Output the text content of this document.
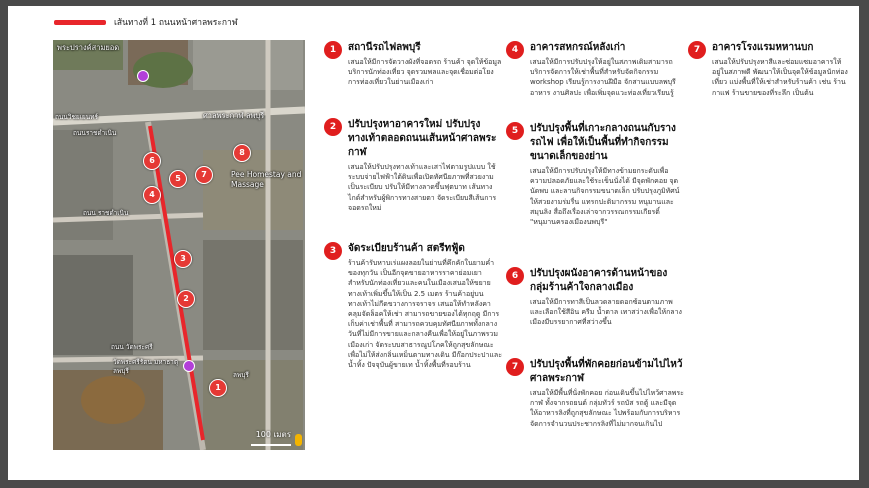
เส้นทางที่ 1 ถนนหน้าศาลพระกาฬ
พระปรางค์สามยอด
ถนนวิชยเยนทร์
ถนนราชดำเนิน
ศาลพระกาฬ ลพบุรี
Pee Homestay and Massage
ถนน ราชดำเนิน
ถนน วัดพระศรี
วัดพระศรีรัตน มหาธาตุ ลพบุรี	ลพบุรี
1
2
3
4
5
6
7
8
100 เมตร
1	สถานีรถไฟลพบุรี
เสนอให้มีการจัดวางผังที่จอดรถ ร้านค้า จุดให้ข้อมูลบริการนักท่องเที่ยว จุดรวมพลและจุดเชื่อมต่อโยงการท่องเที่ยวในย่านเมืองเก่า
2	ปรับปรุงหาอาคารใหม่ ปรับปรุงทางเท้าตลอดถนนเส้นหน้าศาลพระกาฬ
เสนอให้ปรับปรุงทางเท้าและเสาไฟตามรูปแบบ ใช้ระบบจ่ายไฟฟ้าใต้ดินเพื่อเปิดทัศนียภาพที่สวยงามเป็นระเบียบ ปรับให้มีทางลาดขึ้นฟุตบาท เส้นทางไกด์สำหรับผู้พิการทางสายตา จัดระเบียบสีเส้นการจอดรถใหม่
3	จัดระเบียบร้านค้า สตรีทฟู้ด
ร้านค้ารับหาบเร่แผงลอยในย่านที่คึกคักในยามค่ำของทุกวัน เป็นอีกจุดขายอาหารราคาย่อมเยาสำหรับนักท่องเที่ยวและคนในเมืองเสนอให้ขยายทางเท้าเพิ่มขึ้นให้เป็น 2.5 เมตร ร้านค้าอยู่บนทางเท้าไม่กีดขวางการจราจร เสนอให้ทำหลังคาคลุมจัดล็อคให้เช่า สามารถขายของได้ทุกฤดู มีการเก็บค่าเช่าพื้นที่ สามารถควบคุมทัศนียภาพทั้งกลางวันที่ไม่มีการขายและกลางคืนเพื่อให้อยู่ในภาพรวมเมืองเก่า จัดระบบสาธารณูปโภคให้ถูกสุขลักษณะ เพื่อไม่ให้ส่งกลิ่นเหม็นตามทางเดิน มีก๊อกประปาและน้ำทิ้ง ปัจจุบันผู้ขายเท น้ำทิ้งพื้นที่รอบร้าน
4	อาคารสหกรณ์หลังเก่า
เสนอให้มีการปรับปรุงให้อยู่ในสภาพเดิมสามารถบริการจัดการให้เช่าพื้นที่สำหรับจัดกิจกรรม workshop เรียนรู้การงานฝีมือ จักสานแบบลพบุรี อาหาร งานศิลปะ เพื่อเพิ่มจุดแวะท่องเที่ยวเรียนรู้
5	ปรับปรุงพื้นที่เกาะกลางถนนกับรางรถไฟ เพื่อให้เป็นพื้นที่ทำกิจกรรมขนาดเล็กของย่าน
เสนอให้มีการปรับปรุงให้มีทางข้ามยกระดับเพื่อความปลอดภัยและใช้ระเข็นนั่งได้ มีจุดพักคอย จุดนัดพบ และลานกิจกรรมขนาดเล็ก ปรับปรุงภูมิทัศน์ให้สวยงามร่มรื่น แทรกปะติมากรรม หนุมานและสมุนลิง สื่อถึงเรื่องเล่าจากวรรณกรรมเกียรติ์ "หนุมานครองเมืองนพบุรี"
6	ปรับปรุงผนังอาคารด้านหน้าของกลุ่มร้านค้าใจกลางเมือง
เสนอให้มีการทาสีเป็นลวดลายดอกซ้อนตามภาพ และเลือกใช้สีอิน ครีม น้ำตาล เทาสว่างเพื่อให้กลางเมืองมีบรรยากาศที่สว่างขึ้น
7	ปรับปรุงพื้นที่พักคอยก่อนข้ามไปไหว้ศาลพระกาฬ
เสนอให้มีพื้นที่นั่งพักคอย ก่อนเดินขึ้นไปไหว้ศาลพระกาฬ ทั้งจากรถยนต์ กลุ่มทัวร์ รถบัส รถตู้ และมีจุดให้อาหารลิงที่ถูกสุขลักษณะ ไปพร้อมกับการบริหารจัดการจำนวนประชากรลิงที่ไม่มากจนเกินไป
7	อาคารโรงแรมหหานบก
เสนอให้ปรับปรุงหาสีและซ่อมแซมอาคารให้อยู่ในสภาพดี พัฒนาให้เป็นจุดให้ข้อมูลนักท่องเที่ยว แบ่งพื้นที่ให้เช่าสำหรับร้านค้า เช่น ร้านกาแฟ ร้านขายของที่ระลึก เป็นต้น
